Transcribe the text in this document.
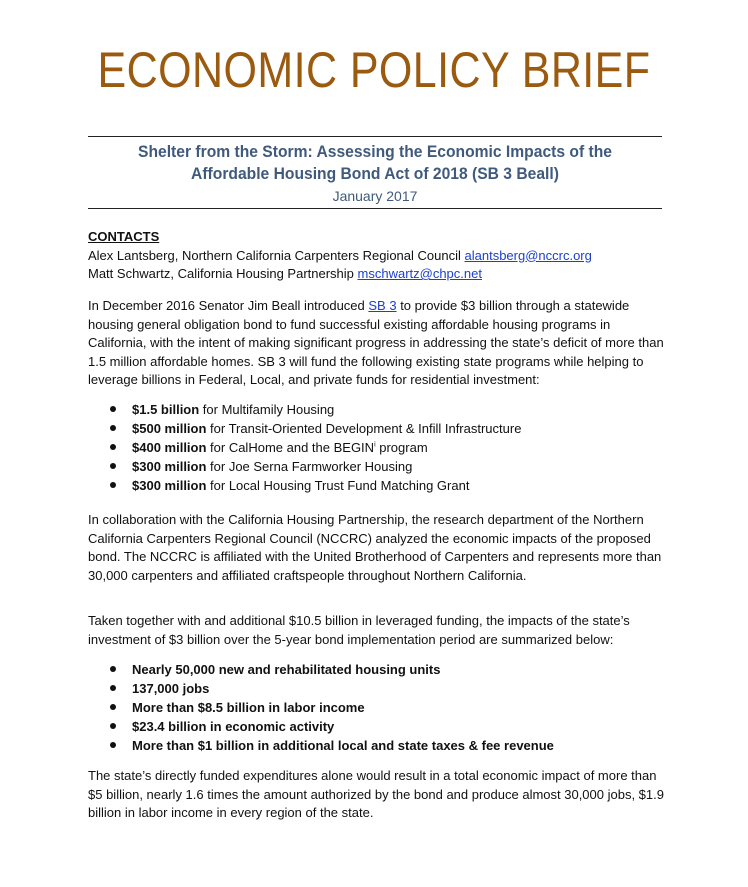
ECONOMIC POLICY BRIEF
Shelter from the Storm: Assessing the Economic Impacts of the
Affordable Housing Bond Act of 2018 (SB 3 Beall)
January 2017
CONTACTS
Alex Lantsberg, Northern California Carpenters Regional Council alantsberg@nccrc.org
Matt Schwartz, California Housing Partnership mschwartz@chpc.net
In December 2016 Senator Jim Beall introduced SB 3 to provide $3 billion through a statewide housing general obligation bond to fund successful existing affordable housing programs in California, with the intent of making significant progress in addressing the state’s deficit of more than 1.5 million affordable homes. SB 3 will fund the following existing state programs while helping to leverage billions in Federal, Local, and private funds for residential investment:
$1.5 billion for Multifamily Housing
$500 million for Transit-Oriented Development & Infill Infrastructure
$400 million for CalHome and the BEGIN$^i$ program
$300 million for Joe Serna Farmworker Housing
$300 million for Local Housing Trust Fund Matching Grant
In collaboration with the California Housing Partnership, the research department of the Northern California Carpenters Regional Council (NCCRC) analyzed the economic impacts of the proposed bond. The NCCRC is affiliated with the United Brotherhood of Carpenters and represents more than 30,000 carpenters and affiliated craftspeople throughout Northern California.
Taken together with and additional $10.5 billion in leveraged funding, the impacts of the state’s investment of $3 billion over the 5-year bond implementation period are summarized below:
Nearly 50,000 new and rehabilitated housing units
137,000 jobs
More than $8.5 billion in labor income
$23.4 billion in economic activity
More than $1 billion in additional local and state taxes & fee revenue
The state’s directly funded expenditures alone would result in a total economic impact of more than $5 billion, nearly 1.6 times the amount authorized by the bond and produce almost 30,000 jobs, $1.9 billion in labor income in every region of the state.
